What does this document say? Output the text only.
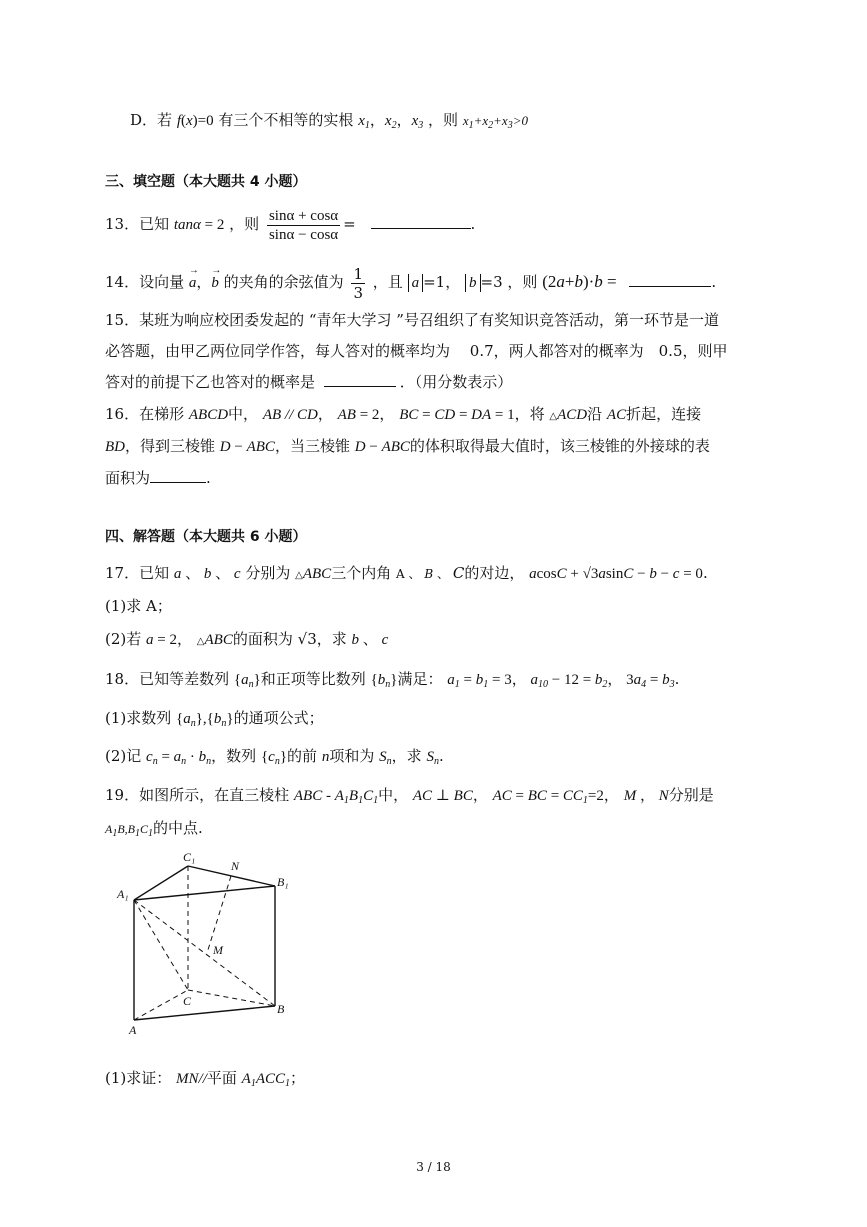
D．若 f(x)=0 有三个不相等的实根 $x_1$，$x_2$，$x_3$ ，则 $x_1+x_2+x_3>0$
三、填空题（本大题共 4 小题）
13．已知 tanα = 2 ，则 $\frac{\sin\alpha + \cos\alpha}{\sin\alpha - \cos\alpha}$ =	.
14．设向量 → a，→ b 的夹角的余弦值为 $\frac{1}{3}$ ，且 a =1， b =3 ，则 (2a+b)·b =	.
15．某班为响应校团委发起的 “青年大学习 ”号召组织了有奖知识竞答活动，第一环节是一道
必答题，由甲乙两位同学作答，每人答对的概率均为　 0.7，两人都答对的概率为　0.5，则甲
答对的前提下乙也答对的概率是	．（用分数表示）
16．在梯形 ABCD中， AB // CD， AB = 2， BC = CD = DA = 1，将 △ACD沿 AC折起，连接
BD，得到三棱锥 D − ABC，当三棱锥 D − ABC的体积取得最大值时，该三棱锥的外接球的表
面积为	.
四、解答题（本大题共 6 小题）
17．已知 a 、 b 、 c 分别为 △ABC三个内角 A 、 B 、 C的对边， acosC + √3asinC − b − c = 0.
(1)求 A；
(2)若 a = 2， △ABC的面积为 √3，求 b 、 c
18．已知等差数列 $\{a_n\}$和正项等比数列 $\{b_n\}$满足： $a_1 = b_1 = 3$， $a_{10} - 12 = b_2$， $3a_4 = b_3$.
(1)求数列 $\{a_n\},\{b_n\}$的通项公式；
(2)记 $c_n = a_n \cdot b_n$，数列 $\{c_n\}$的前 n项和为 $S_n$，求 $S_n$.
19．如图所示，在直三棱柱 ABC - $A_1B_1C_1$中， AC ⊥ BC， AC = BC = $CC_1=2$， M ， N分别是
$A_1B,B_1C_1$的中点.
C₁
N
B₁
A₁
M
C
B
A
(1)求证： MN//平面 $A_1ACC_1$；
3 / 18
